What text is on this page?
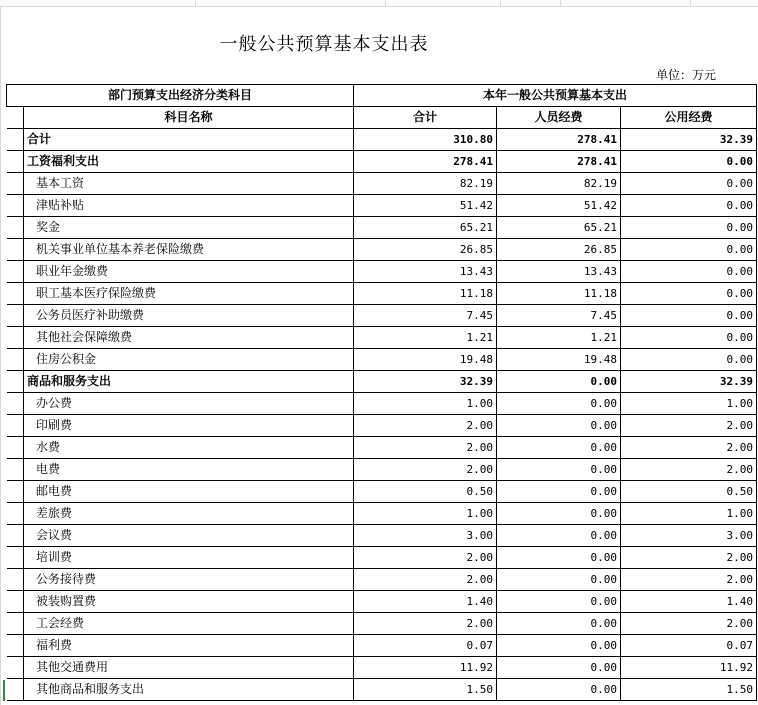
一般公共预算基本支出表
单位：万元
部门预算支出经济分类科目		本年一般公共预算基本支出		
	科目名称	合计	人员经费	公用经费
	合计	310.80	278.41	32.39
	工资福利支出	278.41	278.41	0.00
	基本工资	82.19	82.19	0.00
	津贴补贴	51.42	51.42	0.00
	奖金	65.21	65.21	0.00
	机关事业单位基本养老保险缴费	26.85	26.85	0.00
	职业年金缴费	13.43	13.43	0.00
	职工基本医疗保险缴费	11.18	11.18	0.00
	公务员医疗补助缴费	7.45	7.45	0.00
	其他社会保障缴费	1.21	1.21	0.00
	住房公积金	19.48	19.48	0.00
	商品和服务支出	32.39	0.00	32.39
	办公费	1.00	0.00	1.00
	印刷费	2.00	0.00	2.00
	水费	2.00	0.00	2.00
	电费	2.00	0.00	2.00
	邮电费	0.50	0.00	0.50
	差旅费	1.00	0.00	1.00
	会议费	3.00	0.00	3.00
	培训费	2.00	0.00	2.00
	公务接待费	2.00	0.00	2.00
	被装购置费	1.40	0.00	1.40
	工会经费	2.00	0.00	2.00
	福利费	0.07	0.00	0.07
	其他交通费用	11.92	0.00	11.92
	其他商品和服务支出	1.50	0.00	1.50
